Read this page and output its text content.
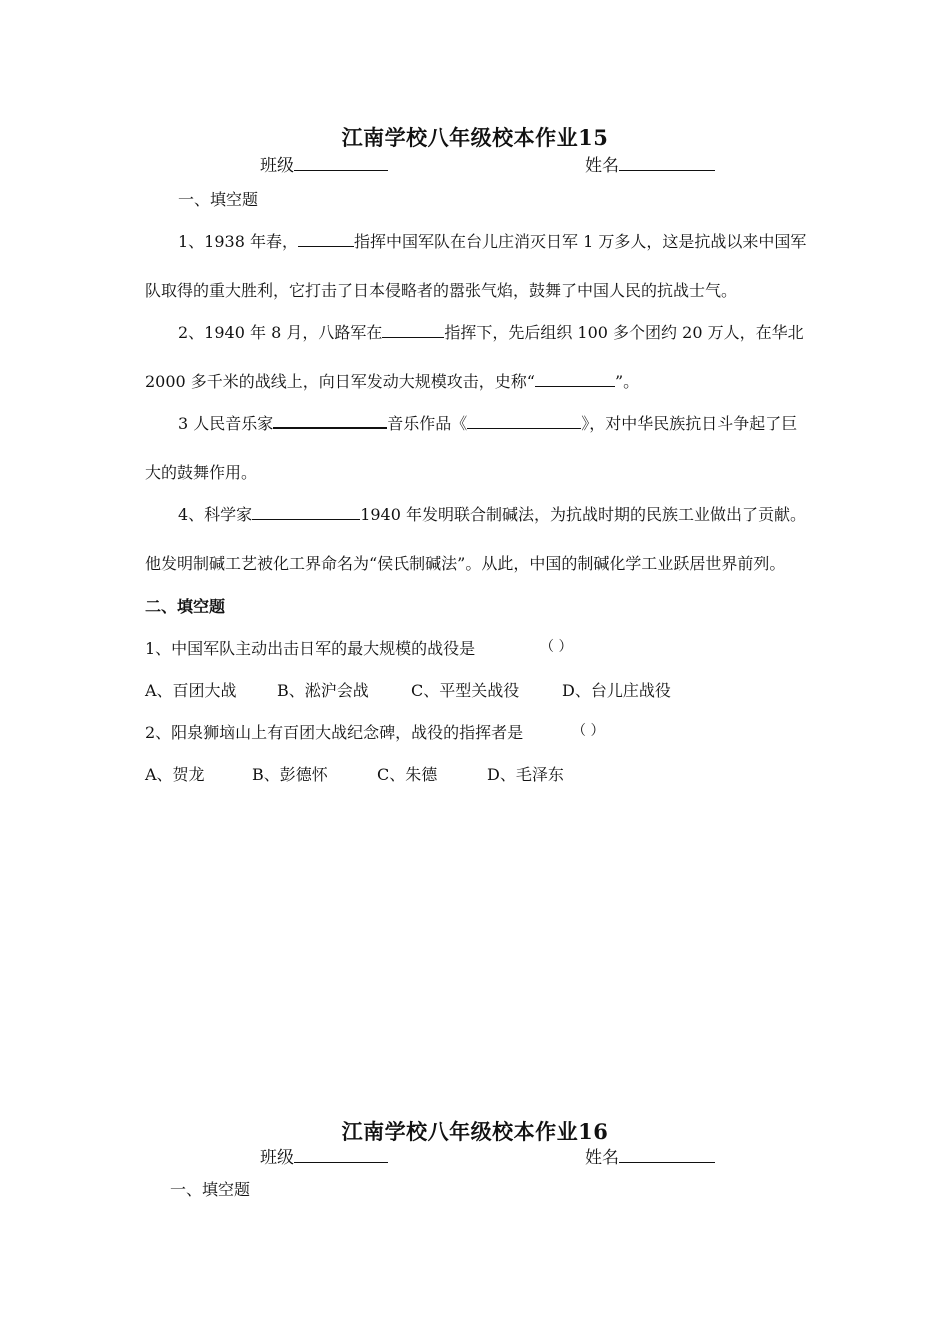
江南学校八年级校本作业15
班级	姓名
一、填空题
1、1938 年春，	指挥中国军队在台儿庄消灭日军 1 万多人，这是抗战以来中国军
队取得的重大胜利，它打击了日本侵略者的嚣张气焰，鼓舞了中国人民的抗战士气。
2、1940 年 8 月，八路军在	指挥下，先后组织 100 多个团约 20 万人，在华北
2000 多千米的战线上，向日军发动大规模攻击，史称“	”。
3 人民音乐家	音乐作品《	》，对中华民族抗日斗争起了巨
大的鼓舞作用。
4、科学家	1940 年发明联合制碱法，为抗战时期的民族工业做出了贡献。
他发明制碱工艺被化工界命名为“侯氏制碱法”。从此，中国的制碱化学工业跃居世界前列。
二、填空题
1、中国军队主动出击日军的最大规模的战役是	（ ）
A、百团大战	B、淞沪会战	C、平型关战役	D、台儿庄战役
2、阳泉狮垴山上有百团大战纪念碑，战役的指挥者是	（ ）
A、贺龙	B、彭德怀	C、朱德	D、毛泽东
江南学校八年级校本作业16
班级	姓名
一、填空题
